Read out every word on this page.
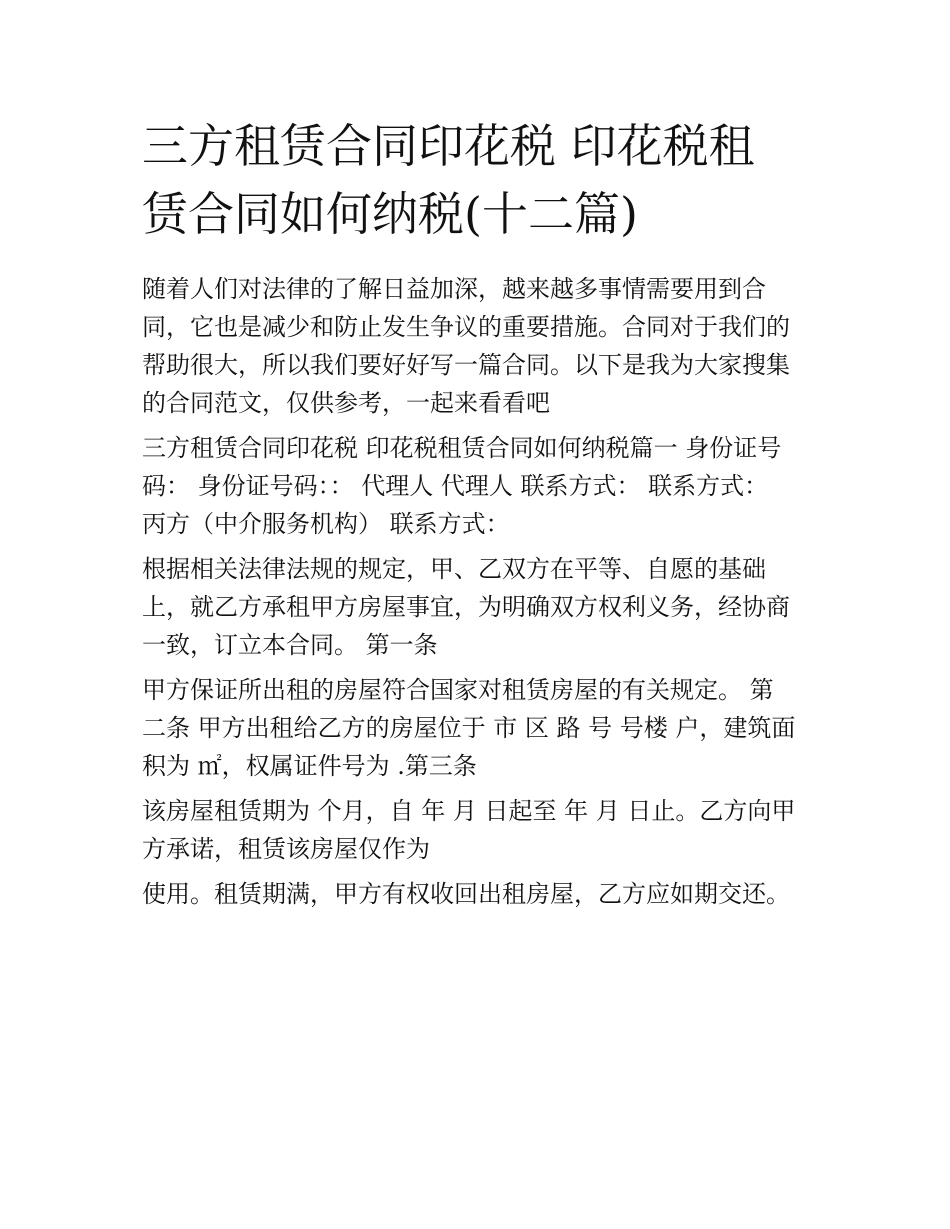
三方租赁合同印花税 印花税租
赁合同如何纳税(十二篇)

随着人们对法律的了解日益加深，越来越多事情需要用到合
同，它也是减少和防止发生争议的重要措施。合同对于我们的
帮助很大，所以我们要好好写一篇合同。以下是我为大家搜集
的合同范文，仅供参考，一起来看看吧

三方租赁合同印花税 印花税租赁合同如何纳税篇一 身份证号
码： 身份证号码：： 代理人 代理人 联系方式： 联系方式：
丙方（中介服务机构） 联系方式：

根据相关法律法规的规定，甲、乙双方在平等、自愿的基础
上，就乙方承租甲方房屋事宜，为明确双方权利义务，经协商
一致，订立本合同。 第一条

甲方保证所出租的房屋符合国家对租赁房屋的有关规定。 第
二条 甲方出租给乙方的房屋位于 市 区 路 号 号楼 户，建筑面
积为 ㎡，权属证件号为 .第三条

该房屋租赁期为 个月，自 年 月 日起至 年 月 日止。乙方向甲
方承诺，租赁该房屋仅作为

使用。租赁期满，甲方有权收回出租房屋，乙方应如期交还。
